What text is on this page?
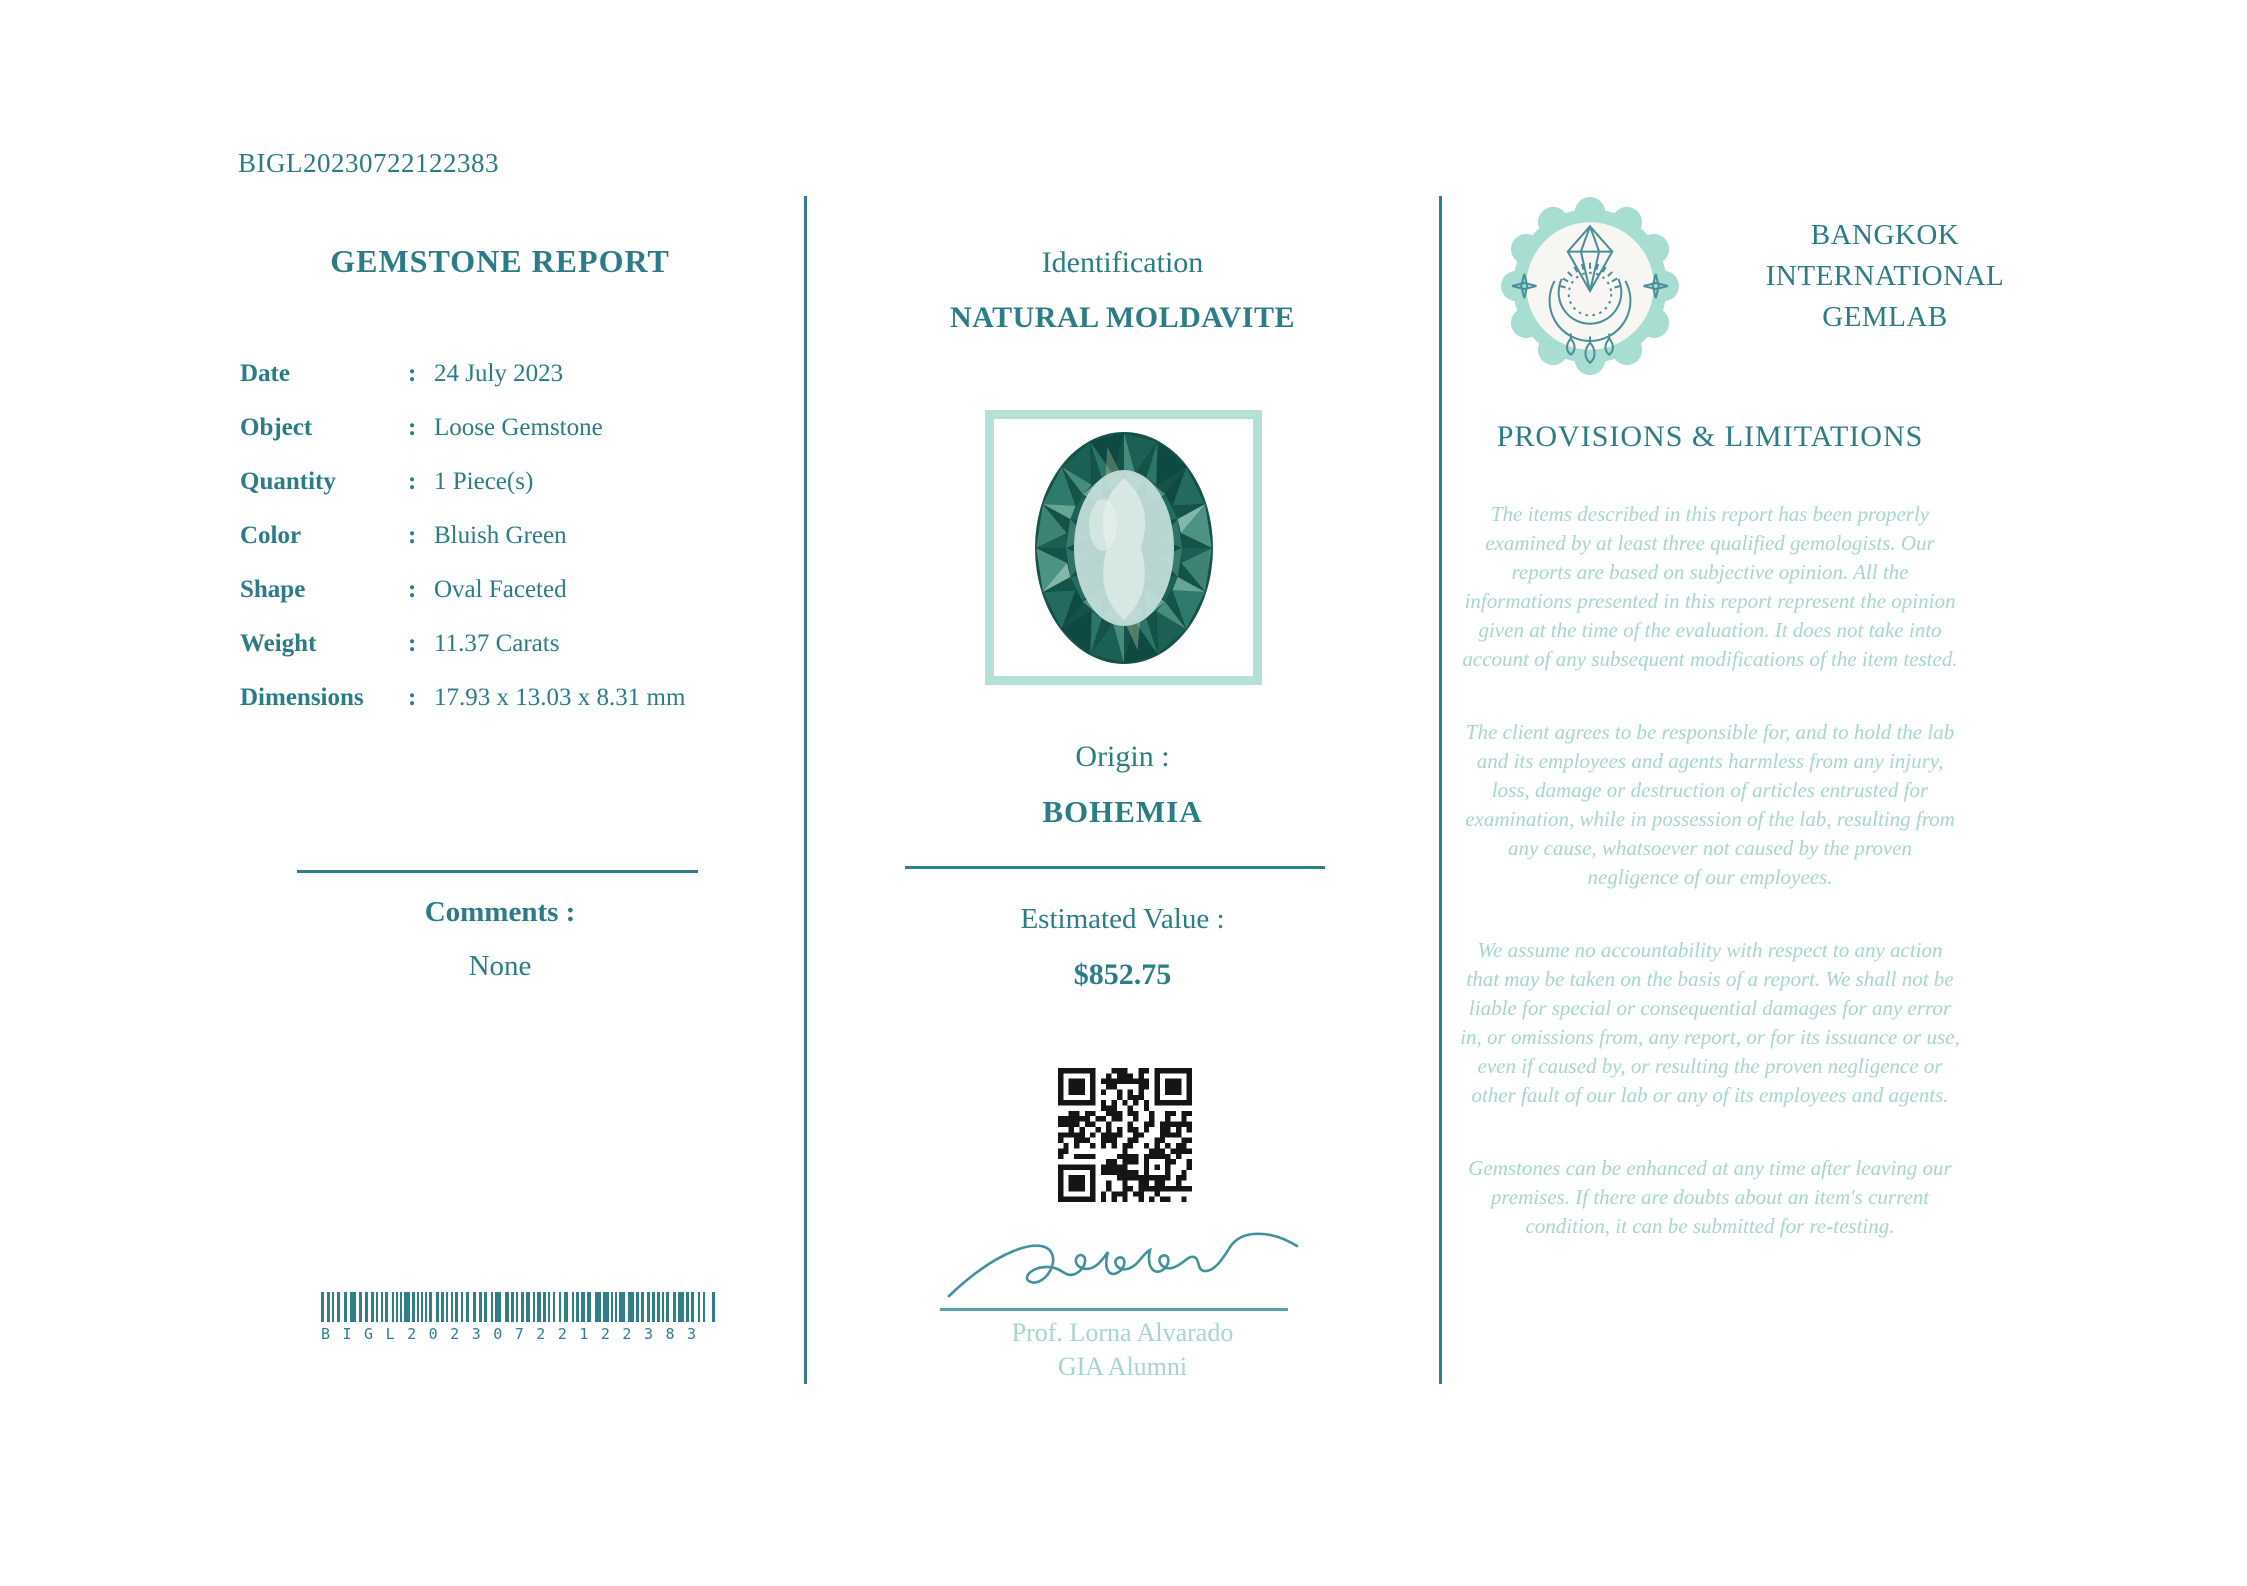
BIGL20230722122383
GEMSTONE REPORT
Date	: 24 July 2023
Object	: Loose Gemstone
Quantity	: 1 Piece(s)
Color	: Bluish Green
Shape	: Oval Faceted
Weight	: 11.37 Carats
Dimensions	: 17.93 x 13.03 x 8.31 mm
Comments :
None
BIGL20230722122383
Identification
NATURAL MOLDAVITE
Origin :
BOHEMIA
Estimated Value :
$852.75
Prof. Lorna Alvarado
GIA Alumni
BANGKOK INTERNATIONAL GEMLAB
PROVISIONS & LIMITATIONS

The items described in this report has been properly examined by at least three qualified gemologists. Our reports are based on subjective opinion. All the informations presented in this report represent the opinion given at the time of the evaluation. It does not take into account of any subsequent modifications of the item tested.

The client agrees to be responsible for, and to hold the lab and its employees and agents harmless from any injury, loss, damage or destruction of articles entrusted for examination, while in possession of the lab, resulting from any cause, whatsoever not caused by the proven negligence of our employees.

We assume no accountability with respect to any action that may be taken on the basis of a report. We shall not be liable for special or consequential damages for any error in, or omissions from, any report, or for its issuance or use, even if caused by, or resulting the proven negligence or other fault of our lab or any of its employees and agents.

Gemstones can be enhanced at any time after leaving our premises. If there are doubts about an item's current condition, it can be submitted for re-testing.
